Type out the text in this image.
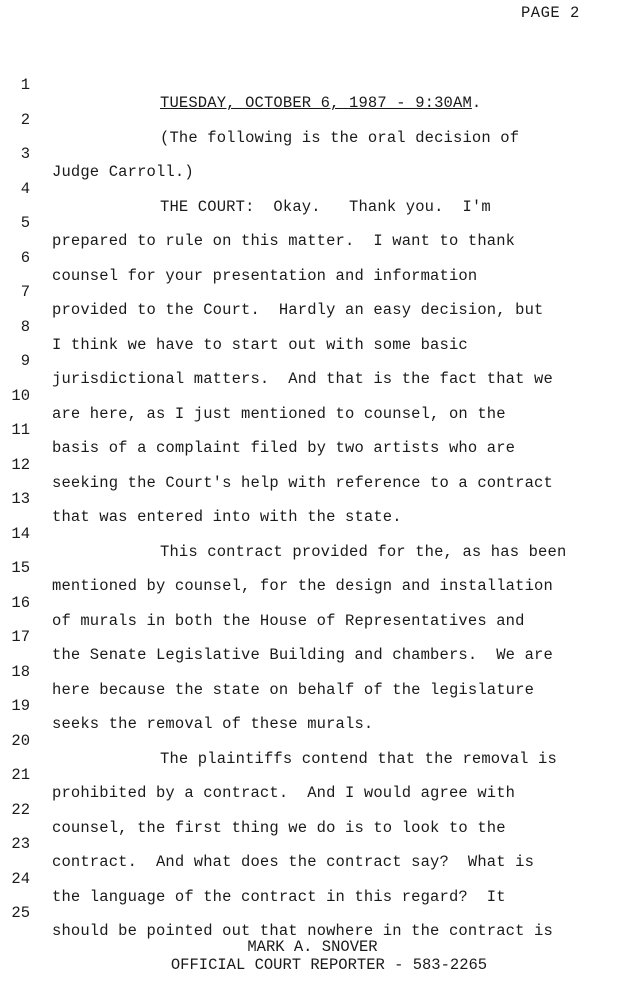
PAGE 2

1

TUESDAY, OCTOBER 6, 1987 - 9:30AM.

2

(The following is the oral decision of

3

Judge Carroll.)

4

THE COURT:  Okay.   Thank you.  I'm

5

prepared to rule on this matter.  I want to thank

6

counsel for your presentation and information

7

provided to the Court.  Hardly an easy decision, but

8

I think we have to start out with some basic

9

jurisdictional matters.  And that is the fact that we

10

are here, as I just mentioned to counsel, on the

11

basis of a complaint filed by two artists who are

12

seeking the Court's help with reference to a contract

13

that was entered into with the state.

14

This contract provided for the, as has been

15

mentioned by counsel, for the design and installation

16

of murals in both the House of Representatives and

17

the Senate Legislative Building and chambers.  We are

18

here because the state on behalf of the legislature

19

seeks the removal of these murals.

20

The plaintiffs contend that the removal is

21

prohibited by a contract.  And I would agree with

22

counsel, the first thing we do is to look to the

23

contract.  And what does the contract say?  What is

24

the language of the contract in this regard?  It

25

should be pointed out that nowhere in the contract is

MARK A. SNOVER
OFFICIAL COURT REPORTER - 583-2265
